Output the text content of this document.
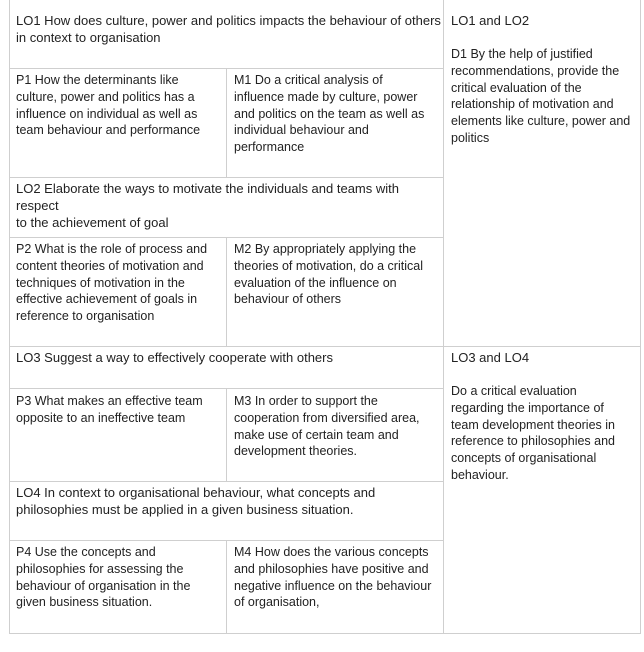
LO1 How does culture, power and politics impacts the behaviour of others
in context to organisation
P1 How the determinants like
culture, power and politics has a
influence on individual as well as
team behaviour and performance
M1 Do a critical analysis of
influence made by culture, power
and politics on the team as well as
individual behaviour and
performance
LO2 Elaborate the ways to motivate the individuals and teams with respect
to the achievement of goal
P2 What is the role of process and
content theories of motivation and
techniques of motivation in the
effective achievement of goals in
reference to organisation
M2 By appropriately applying the
theories of motivation, do a critical
evaluation of the influence on
behaviour of others
LO1 and LO2
D1 By the help of justified
recommendations, provide the
critical evaluation of the
relationship of motivation and
elements like culture, power and
politics
LO3 Suggest a way to effectively cooperate with others
P3 What makes an effective team
opposite to an ineffective team
M3 In order to support the
cooperation from diversified area,
make use of certain team and
development theories.
LO4 In context to organisational behaviour, what concepts and
philosophies must be applied in a given business situation.
P4 Use the concepts and
philosophies for assessing the
behaviour of organisation in the
given business situation.
M4 How does the various concepts
and philosophies have positive and
negative influence on the behaviour
of organisation,
LO3 and LO4
Do a critical evaluation
regarding the importance of
team development theories in
reference to philosophies and
concepts of organisational
behaviour.
